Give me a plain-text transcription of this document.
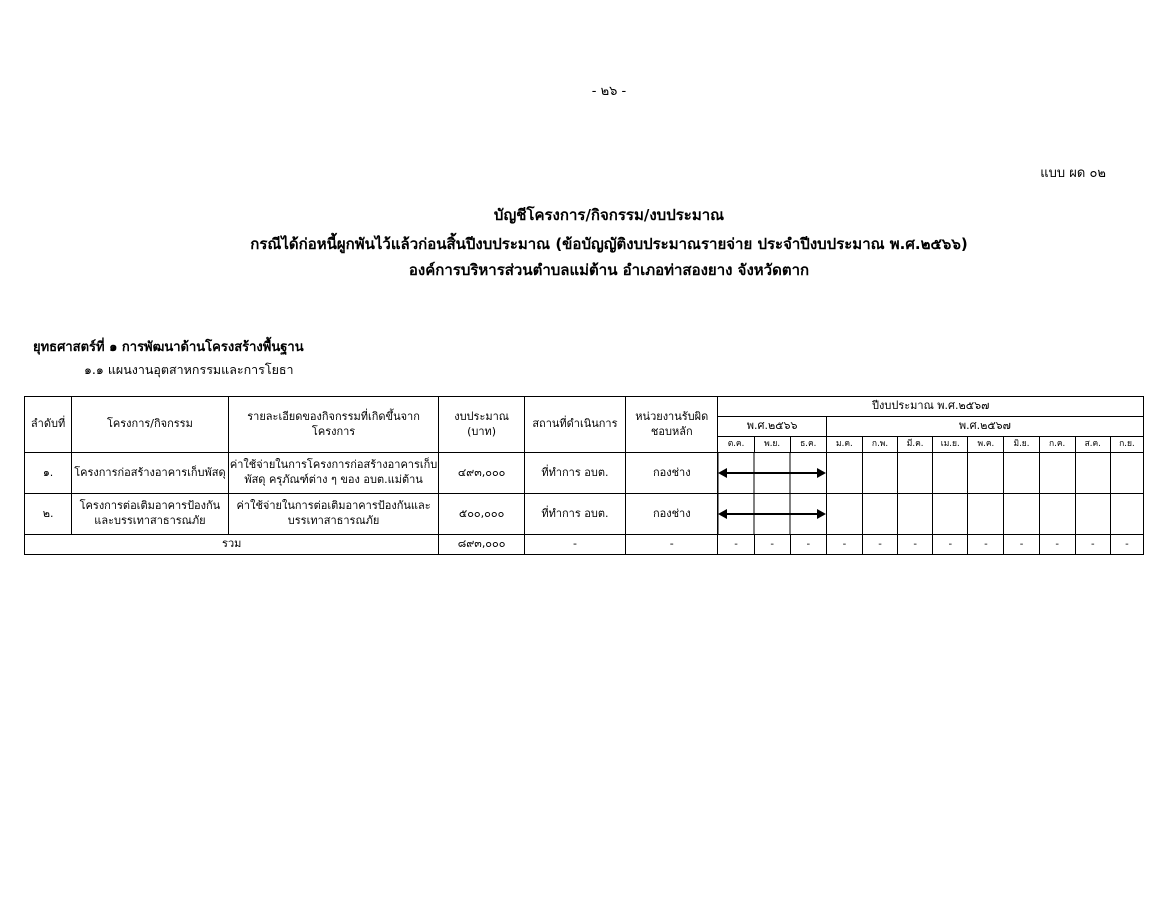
- ๒๖ -
แบบ ผด ๐๒
บัญชีโครงการ/กิจกรรม/งบประมาณ
กรณีได้ก่อหนี้ผูกพันไว้แล้วก่อนสิ้นปีงบประมาณ (ข้อบัญญัติงบประมาณรายจ่าย ประจำปีงบประมาณ พ.ศ.๒๕๖๖)
องค์การบริหารส่วนตำบลแม่ต้าน อำเภอท่าสองยาง จังหวัดตาก
ยุทธศาสตร์ที่ ๑ การพัฒนาด้านโครงสร้างพื้นฐาน
๑.๑ แผนงานอุตสาหกรรมและการโยธา
ลำดับที่	โครงการ/กิจกรรม	รายละเอียดของกิจกรรมที่เกิดขึ้นจากโครงการ	งบประมาณ (บาท)	สถานที่ดำเนินการ	หน่วยงานรับผิดชอบหลัก	ปีงบประมาณ พ.ศ.๒๕๖๗											
						พ.ศ.๒๕๖๖			พ.ศ.๒๕๖๗								
						ต.ค.	พ.ย.	ธ.ค.	ม.ค.	ก.พ.	มี.ค.	เม.ย.	พ.ค.	มิ.ย.	ก.ค.	ส.ค.	ก.ย.
๑.	โครงการก่อสร้างอาคารเก็บพัสดุ	ค่าใช้จ่ายในการโครงการก่อสร้างอาคารเก็บพัสดุ ครุภัณฑ์ต่าง ๆ ของ อบต.แม่ต้าน	๔๙๓,๐๐๐	ที่ทำการ อบต.	กองช่าง	

๒.	โครงการต่อเติมอาคารป้องกันและบรรเทาสาธารณภัย	ค่าใช้จ่ายในการต่อเติมอาคารป้องกันและบรรเทาสาธารณภัย	๕๐๐,๐๐๐	ที่ทำการ อบต.	กองช่าง	

รวม			๘๙๓,๐๐๐	-	-	-	-	-	-	-	-	-	-	-	-	-	-
